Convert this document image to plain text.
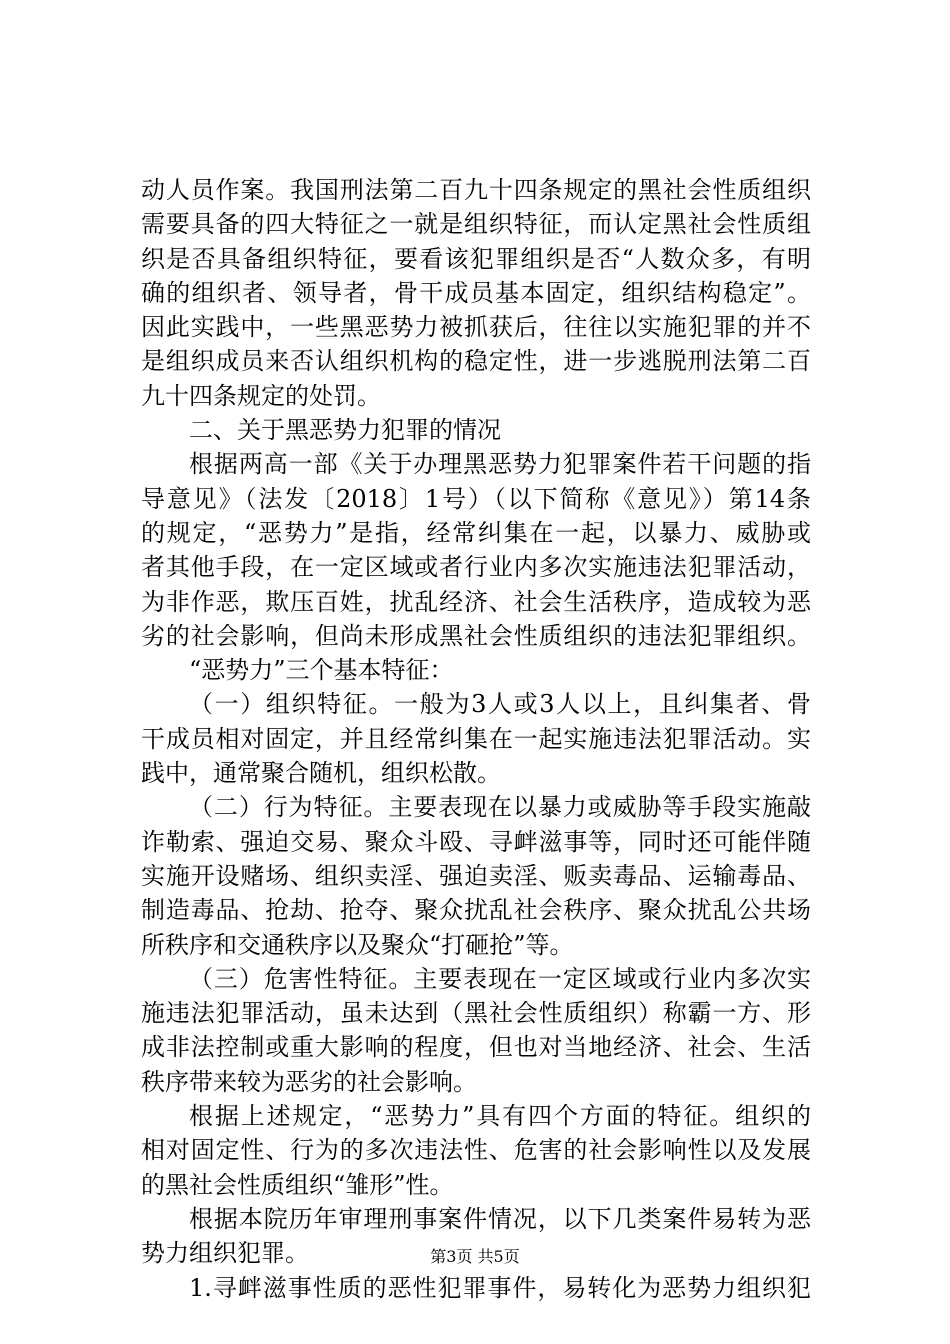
动人员作案。我国刑法第二百九十四条规定的黑社会性质组织
需要具备的四大特征之一就是组织特征，而认定黑社会性质组
织是否具备组织特征，要看该犯罪组织是否“人数众多，有明
确的组织者、领导者，骨干成员基本固定，组织结构稳定”。
因此实践中，一些黑恶势力被抓获后，往往以实施犯罪的并不
是组织成员来否认组织机构的稳定性，进一步逃脱刑法第二百
九十四条规定的处罚。
二、关于黑恶势力犯罪的情况
根据两高一部《关于办理黑恶势力犯罪案件若干问题的指
导意见》（法发〔2018〕1号）（以下简称《意见》）第14条
的规定，“恶势力”是指，经常纠集在一起，以暴力、威胁或
者其他手段，在一定区域或者行业内多次实施违法犯罪活动，
为非作恶，欺压百姓，扰乱经济、社会生活秩序，造成较为恶
劣的社会影响，但尚未形成黑社会性质组织的违法犯罪组织。
“恶势力”三个基本特征：
（一）组织特征。一般为3人或3人以上，且纠集者、骨
干成员相对固定，并且经常纠集在一起实施违法犯罪活动。实
践中，通常聚合随机，组织松散。
（二）行为特征。主要表现在以暴力或威胁等手段实施敲
诈勒索、强迫交易、聚众斗殴、寻衅滋事等，同时还可能伴随
实施开设赌场、组织卖淫、强迫卖淫、贩卖毒品、运输毒品、
制造毒品、抢劫、抢夺、聚众扰乱社会秩序、聚众扰乱公共场
所秩序和交通秩序以及聚众“打砸抢”等。
（三）危害性特征。主要表现在一定区域或行业内多次实
施违法犯罪活动，虽未达到（黑社会性质组织）称霸一方、形
成非法控制或重大影响的程度，但也对当地经济、社会、生活
秩序带来较为恶劣的社会影响。
根据上述规定，“恶势力”具有四个方面的特征。组织的
相对固定性、行为的多次违法性、危害的社会影响性以及发展
的黑社会性质组织“雏形”性。
根据本院历年审理刑事案件情况，以下几类案件易转为恶
势力组织犯罪。
1.寻衅滋事性质的恶性犯罪事件，易转化为恶势力组织犯
第3页 共5页
